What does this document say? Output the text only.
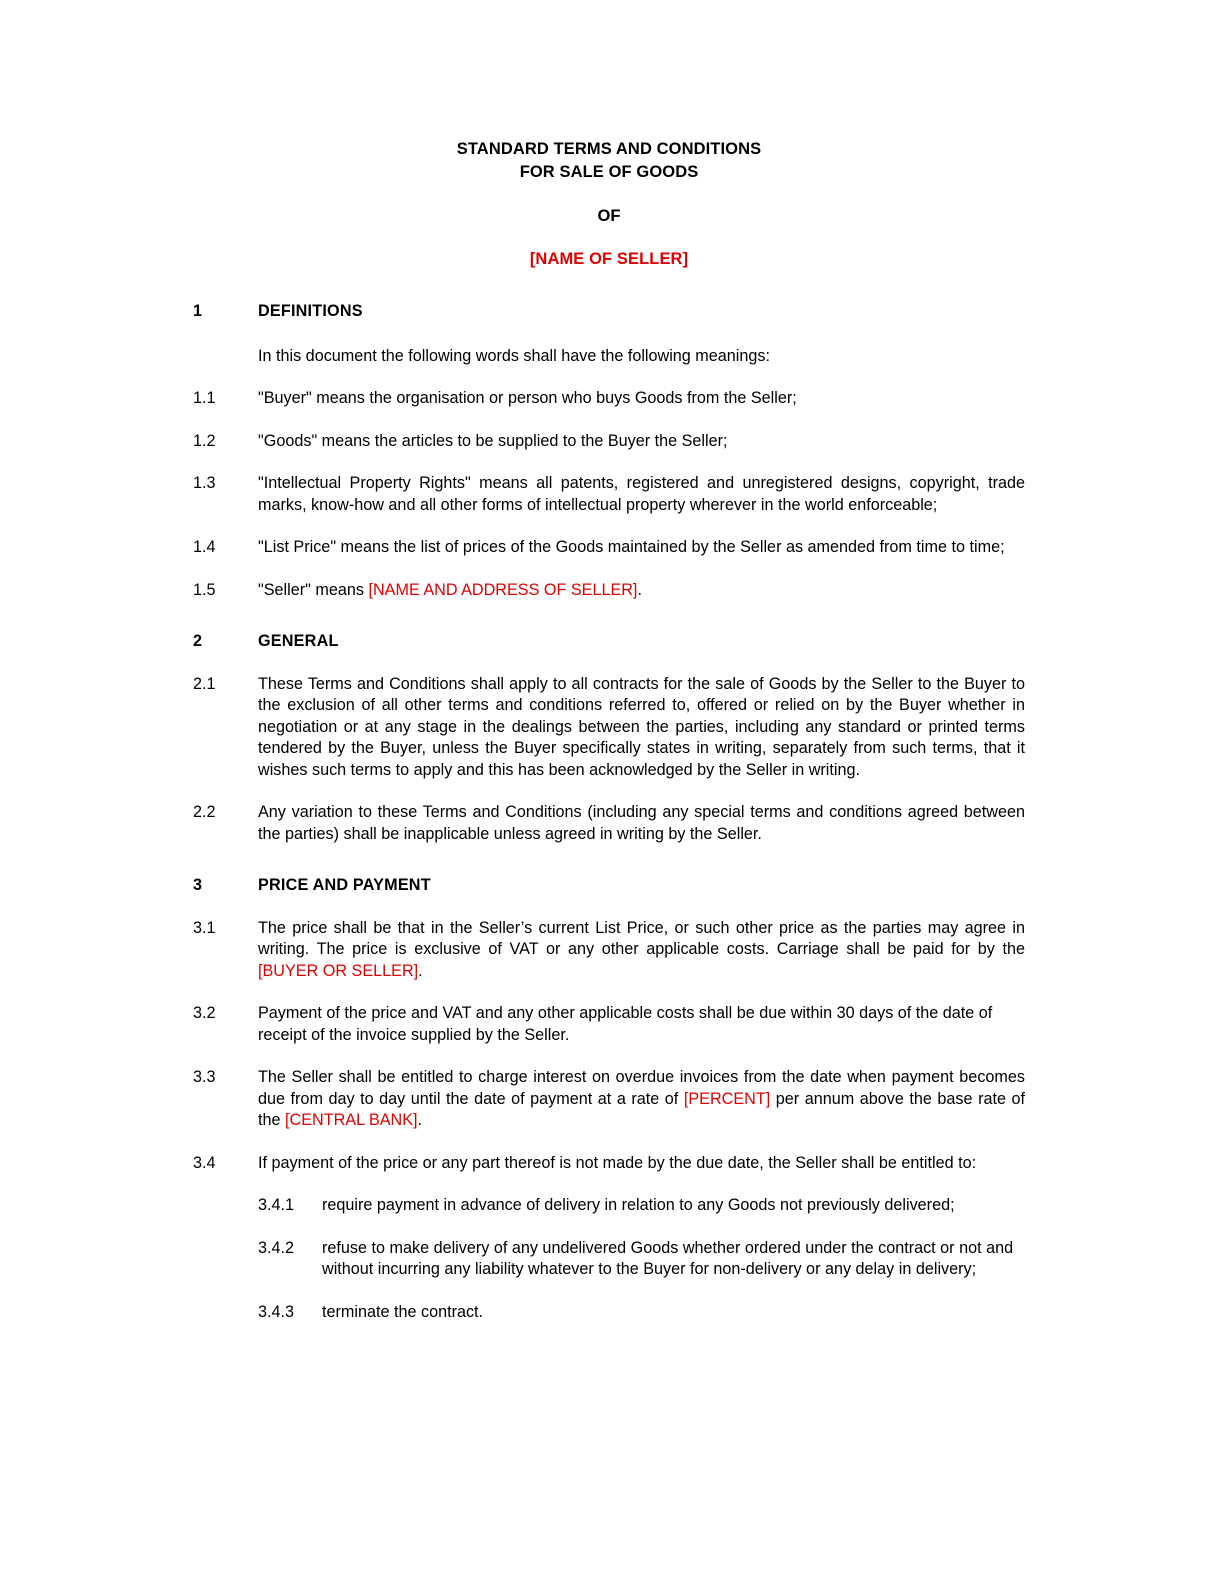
STANDARD TERMS AND CONDITIONS
FOR SALE OF GOODS
OF
[NAME OF SELLER]
1	DEFINITIONS
In this document the following words shall have the following meanings:
1.1	"Buyer" means the organisation or person who buys Goods from the Seller;
1.2	"Goods" means the articles to be supplied to the Buyer the Seller;
1.3	"Intellectual Property Rights" means all patents, registered and unregistered designs, copyright, trade marks, know-how and all other forms of intellectual property wherever in the world enforceable;
1.4	"List Price" means the list of prices of the Goods maintained by the Seller as amended from time to time;
1.5	"Seller" means [NAME AND ADDRESS OF SELLER].
2	GENERAL
2.1	These Terms and Conditions shall apply to all contracts for the sale of Goods by the Seller to the Buyer to the exclusion of all other terms and conditions referred to, offered or relied on by the Buyer whether in negotiation or at any stage in the dealings between the parties, including any standard or printed terms tendered by the Buyer, unless the Buyer specifically states in writing, separately from such terms, that it wishes such terms to apply and this has been acknowledged by the Seller in writing.
2.2	Any variation to these Terms and Conditions (including any special terms and conditions agreed between the parties) shall be inapplicable unless agreed in writing by the Seller.
3	PRICE AND PAYMENT
3.1	The price shall be that in the Seller’s current List Price, or such other price as the parties may agree in writing. The price is exclusive of VAT or any other applicable costs. Carriage shall be paid for by the [BUYER OR SELLER].
3.2	Payment of the price and VAT and any other applicable costs shall be due within 30 days of the date of receipt of the invoice supplied by the Seller.
3.3	The Seller shall be entitled to charge interest on overdue invoices from the date when payment becomes due from day to day until the date of payment at a rate of [PERCENT] per annum above the base rate of the [CENTRAL BANK].
3.4	If payment of the price or any part thereof is not made by the due date, the Seller shall be entitled to:
3.4.1	require payment in advance of delivery in relation to any Goods not previously delivered;
3.4.2	refuse to make delivery of any undelivered Goods whether ordered under the contract or not and without incurring any liability whatever to the Buyer for non-delivery or any delay in delivery;
3.4.3	terminate the contract.
